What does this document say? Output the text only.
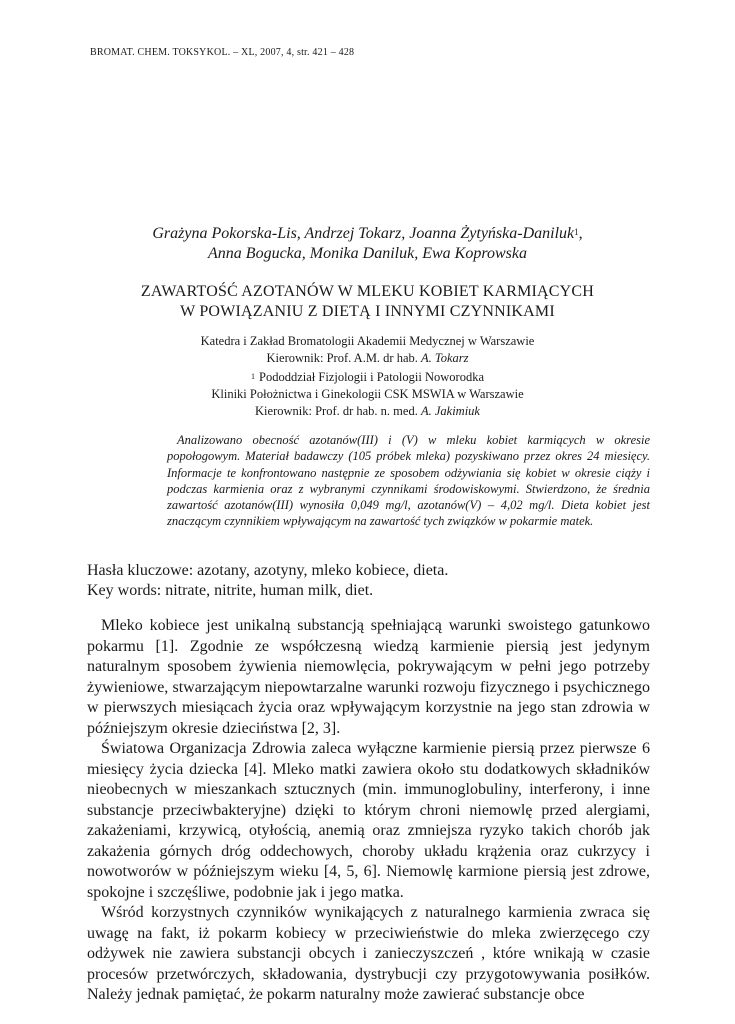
BROMAT. CHEM. TOKSYKOL. – XL, 2007, 4, str. 421 – 428
Grażyna Pokorska-Lis, Andrzej Tokarz, Joanna Żytyńska-Daniluk$^1$,
Anna Bogucka, Monika Daniluk, Ewa Koprowska
ZAWARTOŚĆ AZOTANÓW W MLEKU KOBIET KARMIĄCYCH
W POWIĄZANIU Z DIETĄ I INNYMI CZYNNIKAMI
Katedra i Zakład Bromatologii Akademii Medycznej w Warszawie
Kierownik: Prof. A.M. dr hab. A. Tokarz
$^1$ Pododdział Fizjologii i Patologii Noworodka
Kliniki Położnictwa i Ginekologii CSK MSWIA w Warszawie
Kierownik: Prof. dr hab. n. med. A. Jakimiuk
Analizowano obecność azotanów(III) i (V) w mleku kobiet karmiących w okresie popołogowym. Materiał badawczy (105 próbek mleka) pozyskiwano przez okres 24 miesięcy. Informacje te konfrontowano następnie ze sposobem odżywiania się kobiet w okresie ciąży i podczas karmienia oraz z wybranymi czynnikami środowiskowymi. Stwierdzono, że średnia zawartość azotanów(III) wynosiła 0,049 mg/l, azotanów(V) – 4,02 mg/l. Dieta kobiet jest znaczącym czynnikiem wpływającym na zawartość tych związków w pokarmie matek.
Hasła kluczowe: azotany, azotyny, mleko kobiece, dieta.
Key words: nitrate, nitrite, human milk, diet.

Mleko kobiece jest unikalną substancją spełniającą warunki swoistego gatunkowo pokarmu [1]. Zgodnie ze współczesną wiedzą karmienie piersią jest jedynym naturalnym sposobem żywienia niemowlęcia, pokrywającym w pełni jego potrzeby żywieniowe, stwarzającym niepowtarzalne warunki rozwoju fizycznego i psychicznego w pierwszych miesiącach życia oraz wpływającym korzystnie na jego stan zdrowia w późniejszym okresie dzieciństwa [2, 3].

Światowa Organizacja Zdrowia zaleca wyłączne karmienie piersią przez pierwsze 6 miesięcy życia dziecka [4]. Mleko matki zawiera około stu dodatkowych składników nieobecnych w mieszankach sztucznych (min. immunoglobuliny, interferony, i inne substancje przeciwbakteryjne) dzięki to którym chroni niemowlę przed alergiami, zakażeniami, krzywicą, otyłością, anemią oraz zmniejsza ryzyko takich chorób jak zakażenia górnych dróg oddechowych, choroby układu krążenia oraz cukrzycy i nowotworów w późniejszym wieku [4, 5, 6]. Niemowlę karmione piersią jest zdrowe, spokojne i szczęśliwe, podobnie jak i jego matka.

Wśród korzystnych czynników wynikających z naturalnego karmienia zwraca się uwagę na fakt, iż pokarm kobiecy w przeciwieństwie do mleka zwierzęcego czy odżywek nie zawiera substancji obcych i zanieczyszczeń , które wnikają w czasie procesów przetwórczych, składowania, dystrybucji czy przygotowywania posiłków. Należy jednak pamiętać, że pokarm naturalny może zawierać substancje obce
